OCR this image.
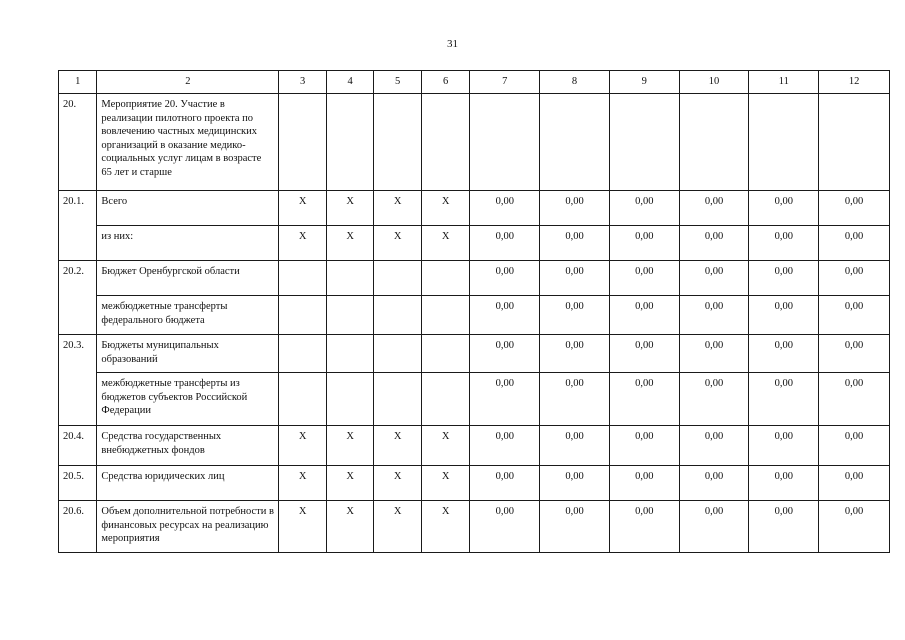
31
1	2	3	4	5	6	7	8	9	10	11	12
20.	Мероприятие 20. Участие в реализации пилотного проекта по вовлечению частных медицинских организаций в оказание медико-социальных услуг лицам в возрасте 65 лет и старше										
20.1.	Всего	X	X	X	X	0,00	0,00	0,00	0,00	0,00	0,00
	из них:	X	X	X	X	0,00	0,00	0,00	0,00	0,00	0,00
20.2.	Бюджет Оренбургской области					0,00	0,00	0,00	0,00	0,00	0,00
	межбюджетные трансферты федерального бюджета					0,00	0,00	0,00	0,00	0,00	0,00
20.3.	Бюджеты муниципальных образований					0,00	0,00	0,00	0,00	0,00	0,00
	межбюджетные трансферты из бюджетов субъектов Российской Федерации					0,00	0,00	0,00	0,00	0,00	0,00
20.4.	Средства государственных внебюджетных фондов	X	X	X	X	0,00	0,00	0,00	0,00	0,00	0,00
20.5.	Средства юридических лиц	X	X	X	X	0,00	0,00	0,00	0,00	0,00	0,00
20.6.	Объем дополнительной потребности в финансовых ресурсах на реализацию мероприятия	X	X	X	X	0,00	0,00	0,00	0,00	0,00	0,00
